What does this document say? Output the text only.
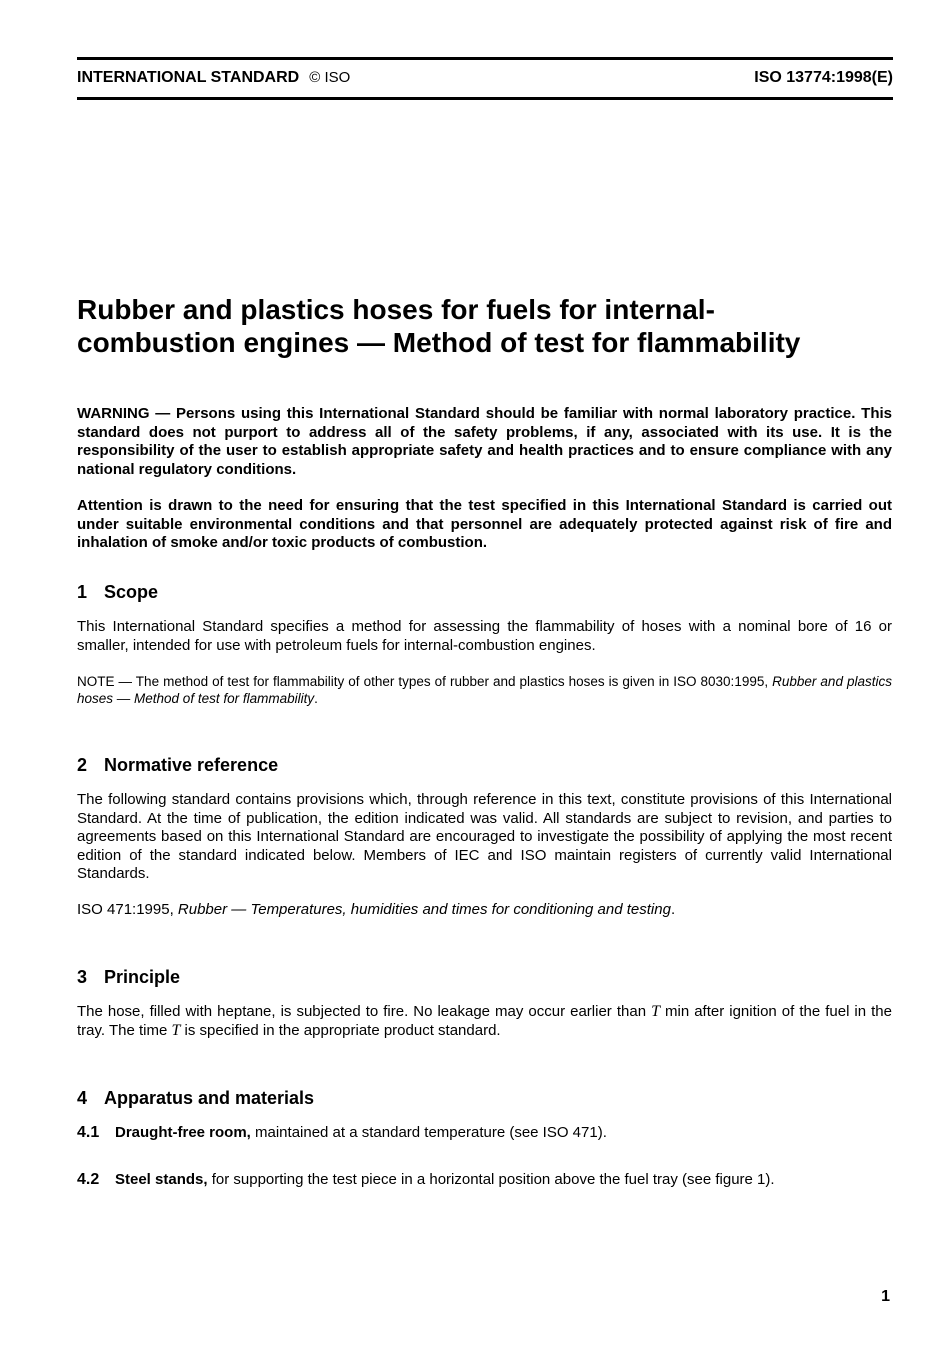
INTERNATIONAL STANDARD © ISO	ISO 13774:1998(E)
Rubber and plastics hoses for fuels for internal-
combustion engines — Method of test for flammability
WARNING — Persons using this International Standard should be familiar with normal laboratory practice. This standard does not purport to address all of the safety problems, if any, associated with its use. It is the responsibility of the user to establish appropriate safety and health practices and to ensure compliance with any national regulatory conditions.
Attention is drawn to the need for ensuring that the test specified in this International Standard is carried out under suitable environmental conditions and that personnel are adequately protected against risk of fire and inhalation of smoke and/or toxic products of combustion.
1 Scope
This International Standard specifies a method for assessing the flammability of hoses with a nominal bore of 16 or smaller, intended for use with petroleum fuels for internal-combustion engines.
NOTE — The method of test for flammability of other types of rubber and plastics hoses is given in ISO 8030:1995, Rubber and plastics hoses — Method of test for flammability.
2 Normative reference
The following standard contains provisions which, through reference in this text, constitute provisions of this International Standard. At the time of publication, the edition indicated was valid. All standards are subject to revision, and parties to agreements based on this International Standard are encouraged to investigate the possibility of applying the most recent edition of the standard indicated below. Members of IEC and ISO maintain registers of currently valid International Standards.
ISO 471:1995, Rubber — Temperatures, humidities and times for conditioning and testing.
3 Principle
The hose, filled with heptane, is subjected to fire. No leakage may occur earlier than T min after ignition of the fuel in the tray. The time T is specified in the appropriate product standard.
4 Apparatus and materials
4.1 Draught-free room, maintained at a standard temperature (see ISO 471).
4.2 Steel stands, for supporting the test piece in a horizontal position above the fuel tray (see figure 1).
1
